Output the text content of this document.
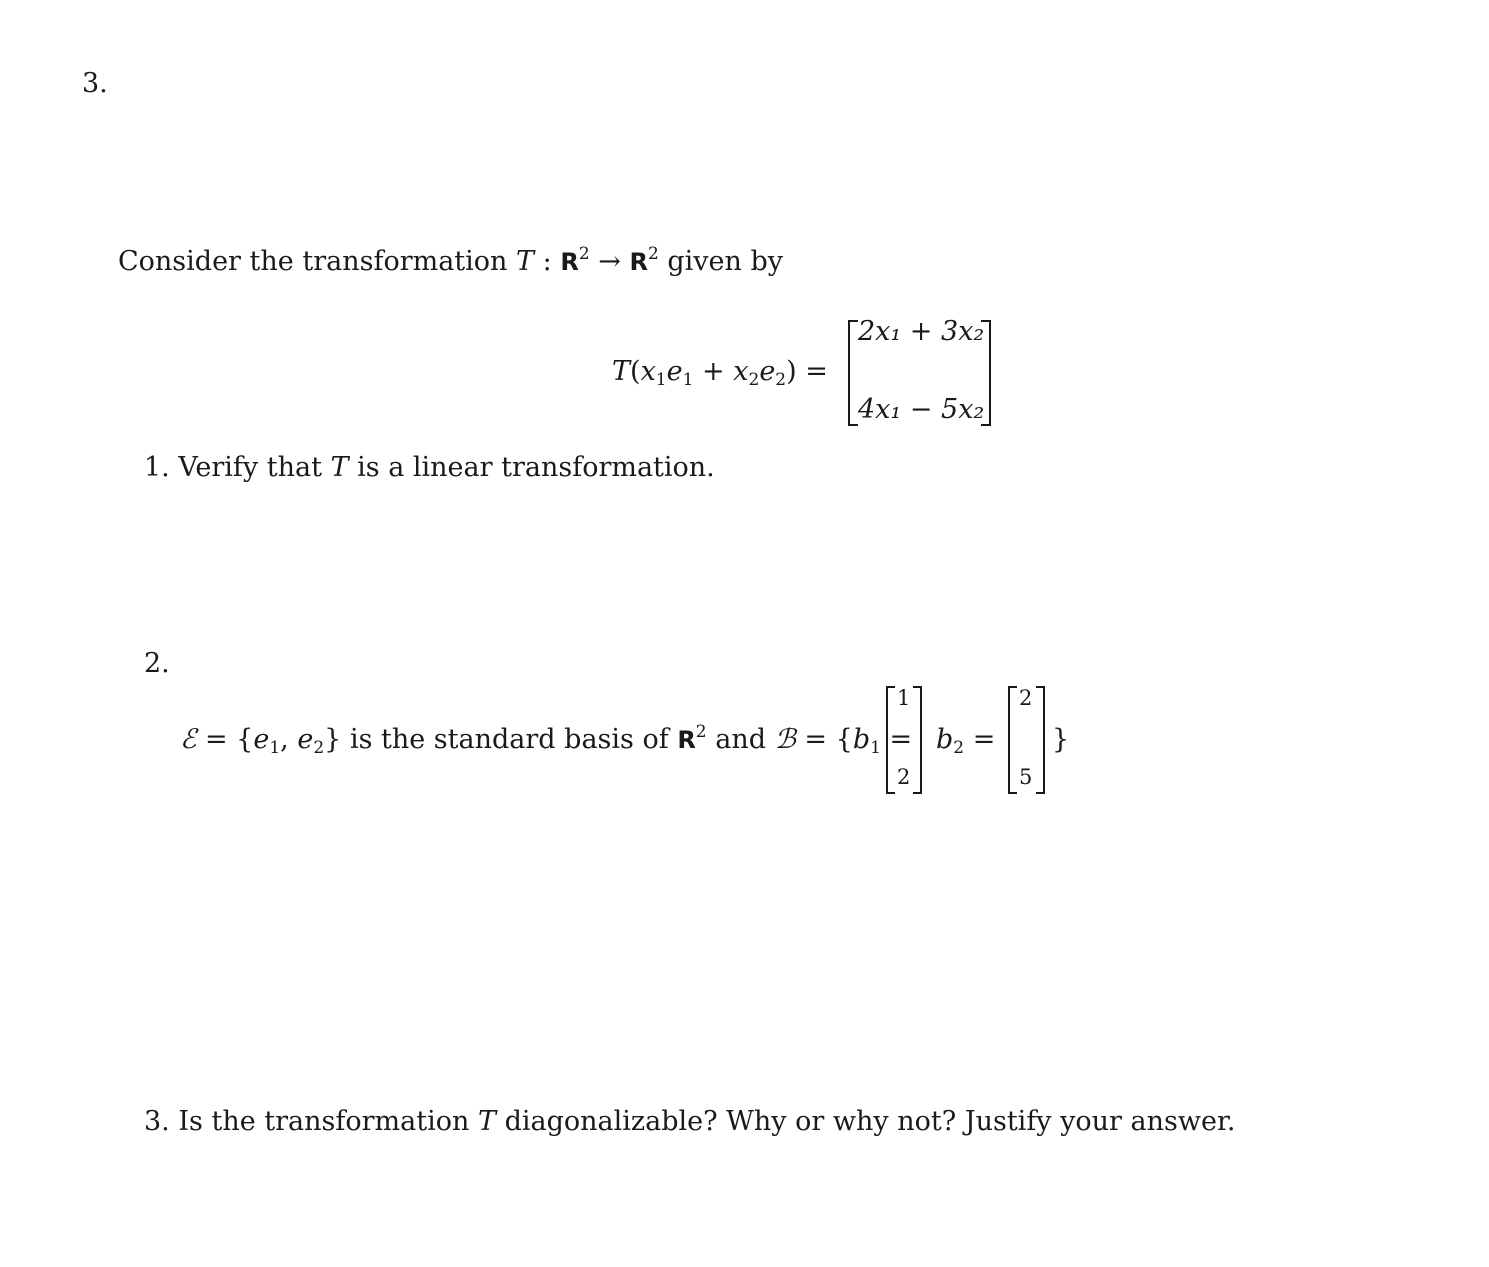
3.
Consider the transformation T : $R^2 \to R^2$ given by
$T(x_1e_1 + x_2e_2)$ =
2x₁ + 3x₂
4x₁ − 5x₂
1. Verify that T is a linear transformation.
2.
ℰ = {$e_1$, $e_2$} is the standard basis of $R^2$ and ℬ = {$b_1$ =
1
2
$b_2$ =
2
5
}
3. Is the transformation T diagonalizable? Why or why not? Justify your answer.
